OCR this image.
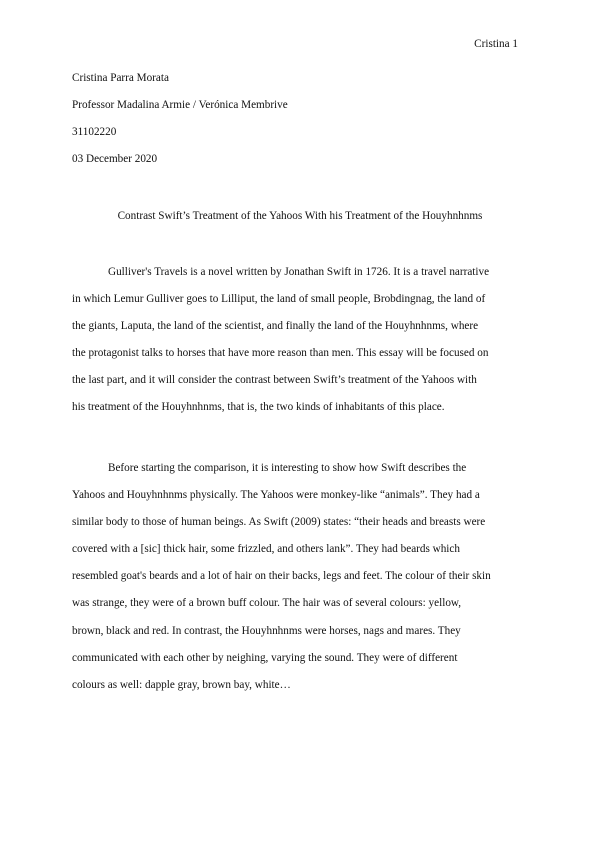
Cristina 1
Cristina Parra Morata
Professor Madalina Armie / Verónica Membrive
31102220
03 December 2020
Contrast Swift’s Treatment of the Yahoos With his Treatment of the Houyhnhnms
Gulliver's Travels is a novel written by Jonathan Swift in 1726. It is a travel narrative
in which Lemur Gulliver goes to Lilliput, the land of small people, Brobdingnag, the land of
the giants, Laputa, the land of the scientist, and finally the land of the Houyhnhnms, where
the protagonist talks to horses that have more reason than men. This essay will be focused on
the last part, and it will consider the contrast between Swift’s treatment of the Yahoos with
his treatment of the Houyhnhnms, that is, the two kinds of inhabitants of this place.
Before starting the comparison, it is interesting to show how Swift describes the
Yahoos and Houyhnhnms physically. The Yahoos were monkey-like “animals”. They had a
similar body to those of human beings. As Swift (2009) states: “their heads and breasts were
covered with a [sic] thick hair, some frizzled, and others lank”. They had beards which
resembled goat's beards and a lot of hair on their backs, legs and feet. The colour of their skin
was strange, they were of a brown buff colour. The hair was of several colours: yellow,
brown, black and red. In contrast, the Houyhnhnms were horses, nags and mares. They
communicated with each other by neighing, varying the sound. They were of different
colours as well: dapple gray, brown bay, white…
